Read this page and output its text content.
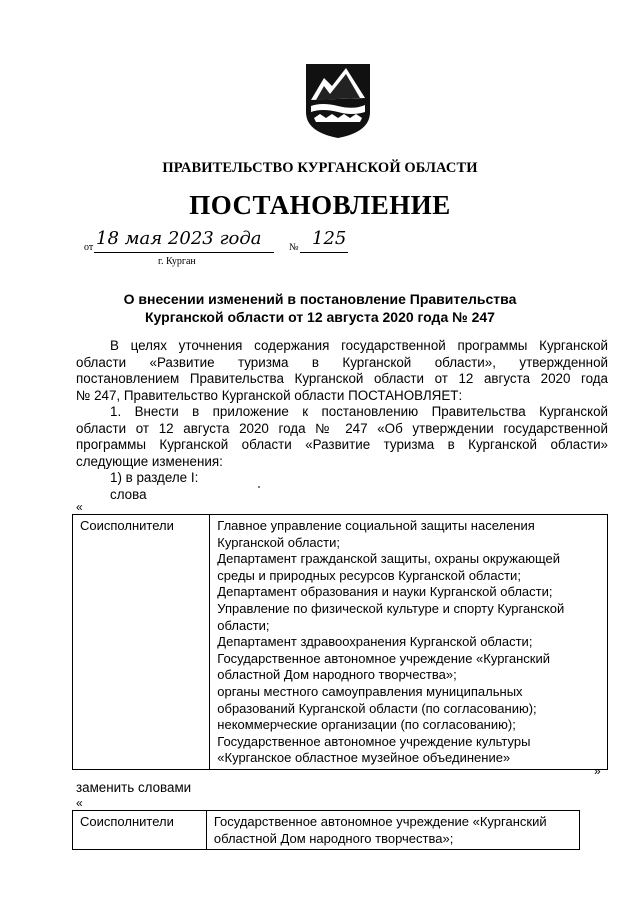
ПРАВИТЕЛЬСТВО КУРГАНСКОЙ ОБЛАСТИ
ПОСТАНОВЛЕНИЕ
от 18 мая 2023 года	№ 125
г. Курган
О внесении изменений в постановление Правительства
Курганской области от 12 августа 2020 года № 247
В целях уточнения содержания государственной программы Курганской
области «Развитие туризма в Курганской области», утвержденной
постановлением Правительства Курганской области от 12 августа 2020 года
№ 247, Правительство Курганской области ПОСТАНОВЛЯЕТ:
1. Внести в приложение к постановлению Правительства Курганской
области от 12 августа 2020 года № 247 «Об утверждении государственной
программы Курганской области «Развитие туризма в Курганской области»
следующие изменения:
1) в разделе I:
слова
«
Соисполнители	Главное управление социальной защиты населения
Курганской области;
Департамент гражданской защиты, охраны окружающей
среды и природных ресурсов Курганской области;
Департамент образования и науки Курганской области;
Управление по физической культуре и спорту Курганской
области;
Департамент здравоохранения Курганской области;
Государственное автономное учреждение «Курганский
областной Дом народного творчества»;
органы местного самоуправления муниципальных
образований Курганской области (по согласованию);
некоммерческие организации (по согласованию);
Государственное автономное учреждение культуры
«Курганское областное музейное объединение»
»
заменить словами
«
Соисполнители	Государственное автономное учреждение «Курганский
областной Дом народного творчества»;
